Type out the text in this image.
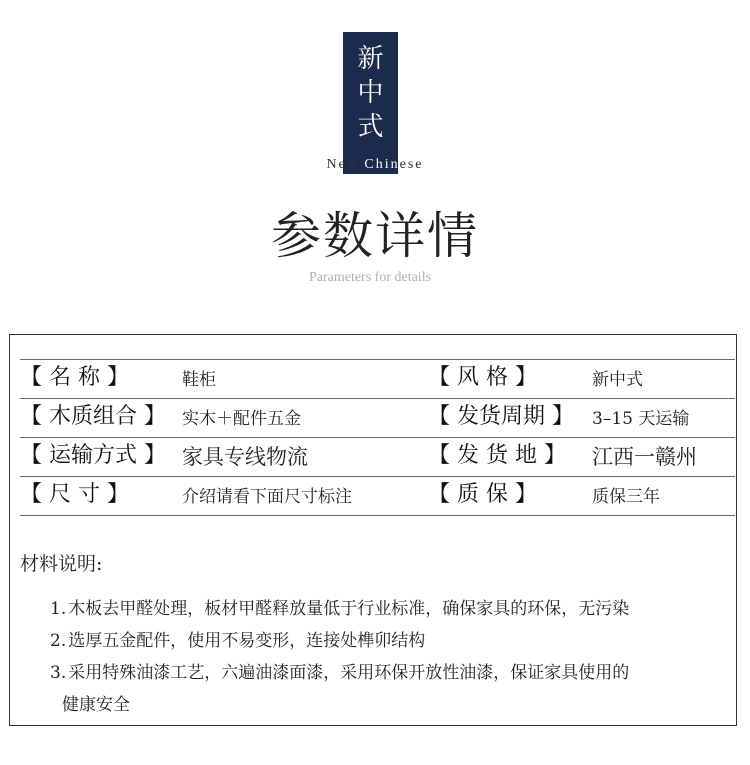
新
中
式
New Chinese
参数详情
Parameters for details
【 名 称 】	鞋柜	【 风 格 】	新中式
【 木质组合 】 实木＋配件五金	【 发货周期 】 3–15 天运输
【 运输方式 】 家具专线物流	【 发 货 地 】 江西一赣州
【 尺 寸 】	介绍请看下面尺寸标注	【 质 保 】	质保三年
材料说明:
1. 木板去甲醛处理，板材甲醛释放量低于行业标准，确保家具的环保，无污染
2. 选厚五金配件，使用不易变形，连接处榫卯结构
3. 采用特殊油漆工艺，六遍油漆面漆，采用环保开放性油漆，保证家具使用的
健康安全
